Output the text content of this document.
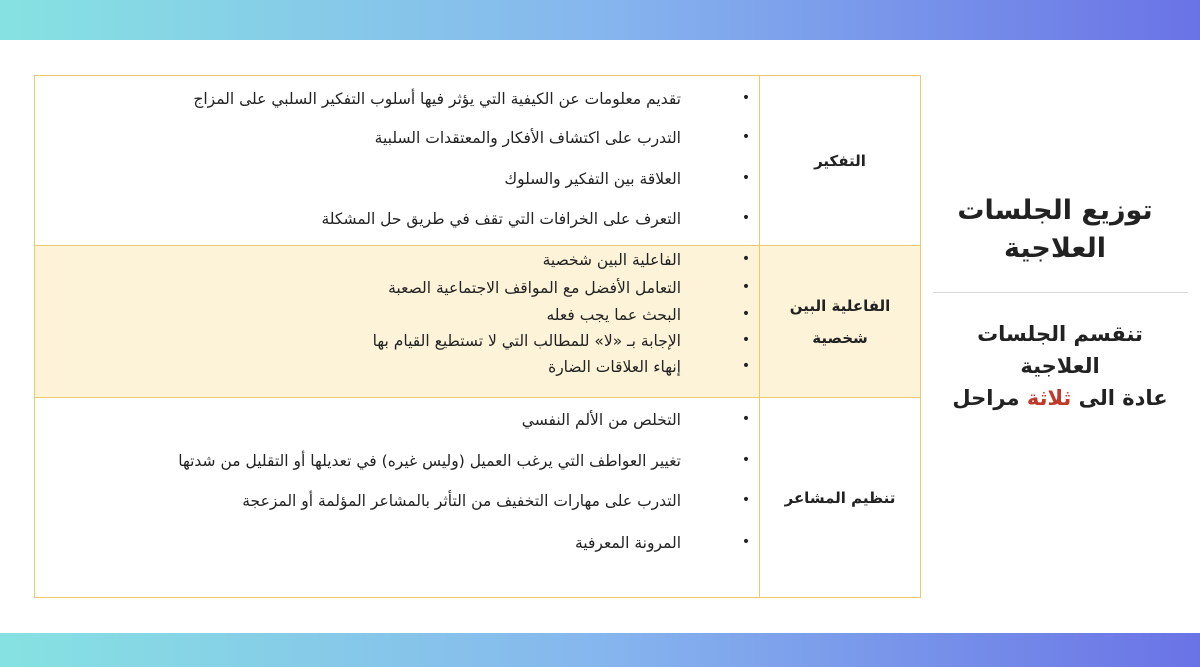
التفكير
•
تقديم معلومات عن الكيفية التي يؤثر فيها أسلوب التفكير السلبي على المزاج
•
التدرب على اكتشاف الأفكار والمعتقدات السلبية
•
العلاقة بين التفكير والسلوك
•
التعرف على الخرافات التي تقف في طريق حل المشكلة
الفاعلية البين
شخصية
•
الفاعلية البين شخصية
•
التعامل الأفضل مع المواقف الاجتماعية الصعبة
•
البحث عما يجب فعله
•
الإجابة بـ «لا» للمطالب التي لا تستطيع القيام بها
•
إنهاء العلاقات الضارة
تنظيم المشاعر
•
التخلص من الألم النفسي
•
تغيير العواطف التي يرغب العميل (وليس غيره) في تعديلها أو التقليل من شدتها
•
التدرب على مهارات التخفيف من التأثر بالمشاعر المؤلمة أو المزعجة
•
المرونة المعرفية
توزيع الجلسات
العلاجية
تنقسم الجلسات العلاجية
عادة الى ثلاثة مراحل
